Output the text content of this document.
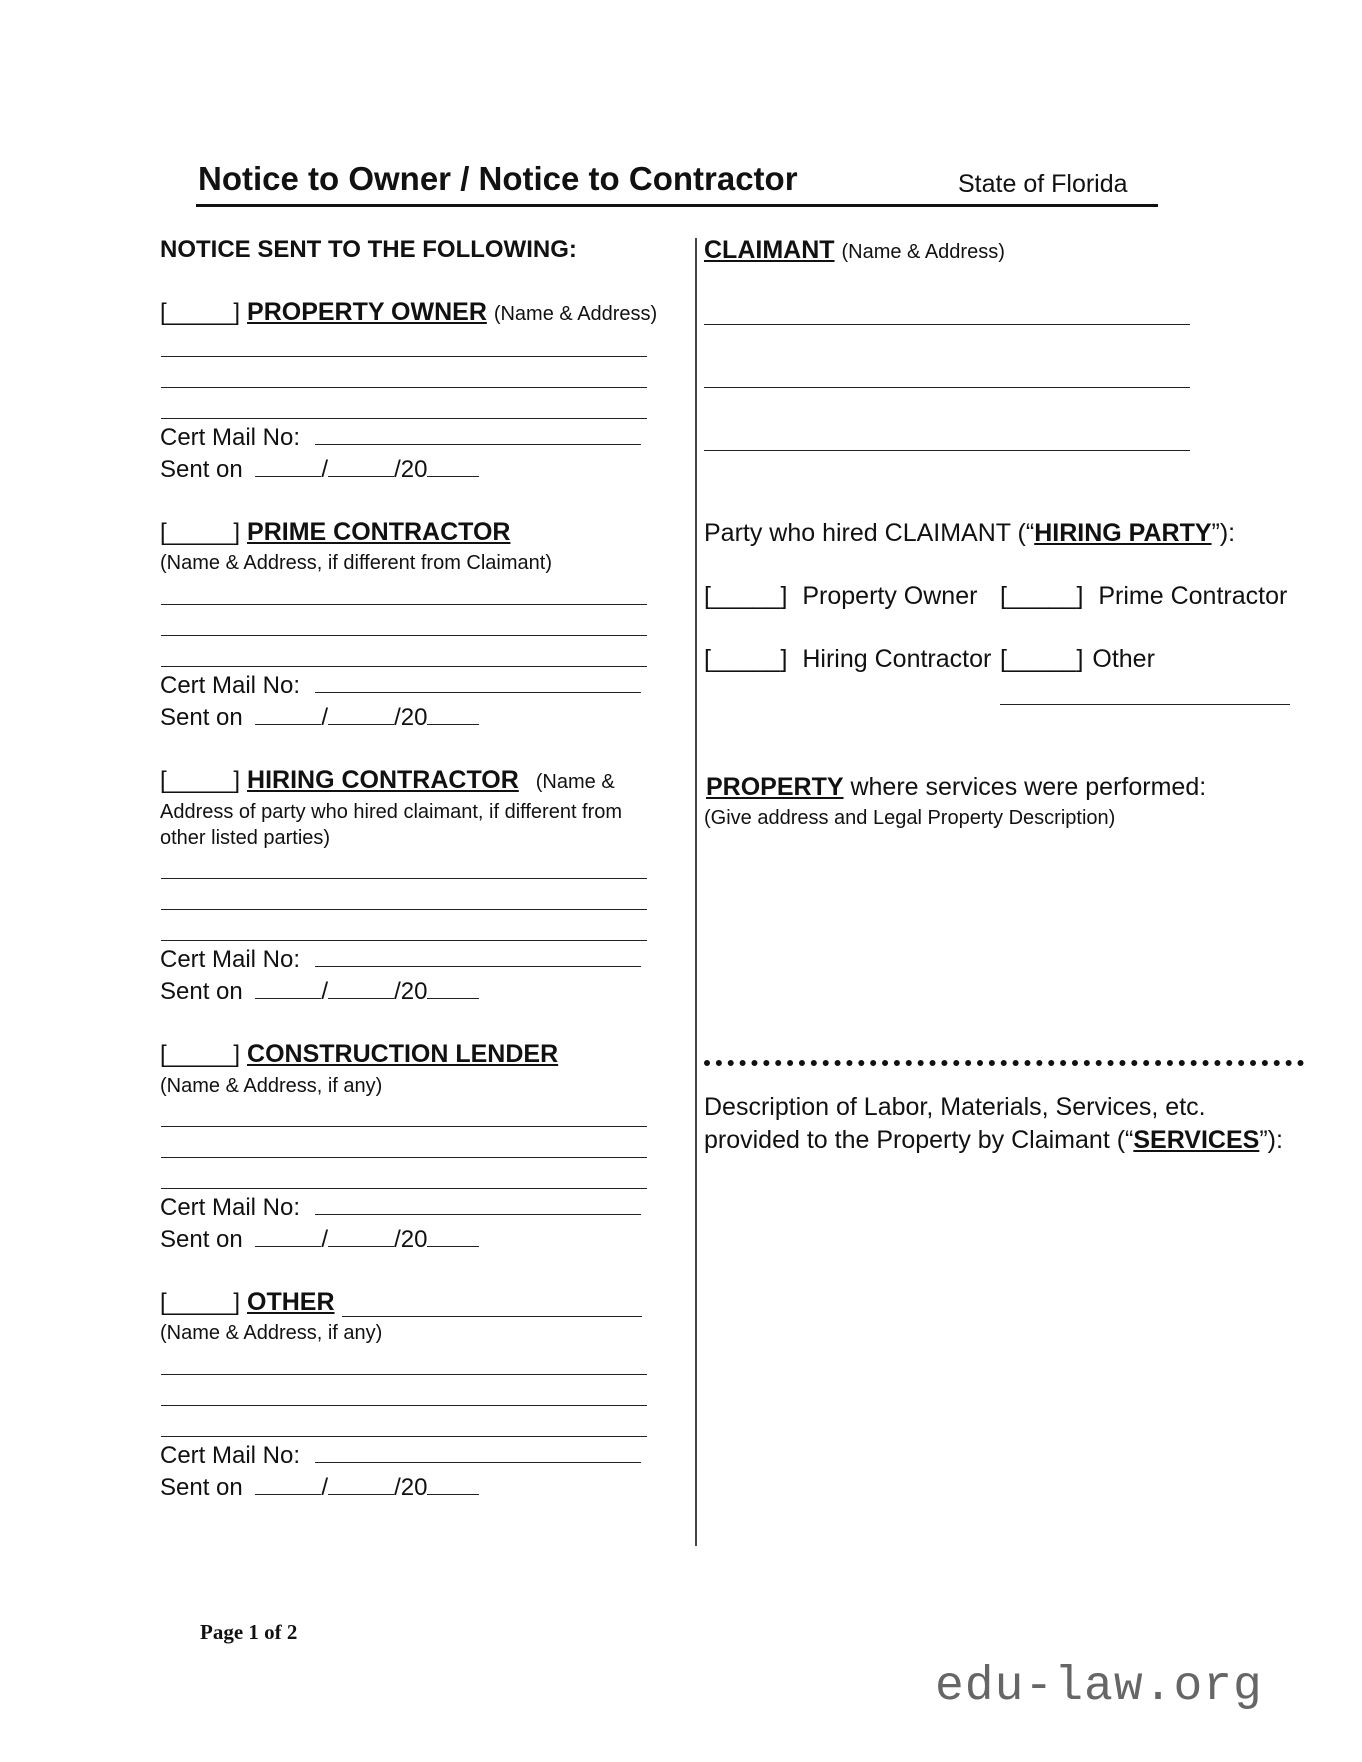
Notice to Owner / Notice to Contractor	State of Florida
NOTICE SENT TO THE FOLLOWING:
[_____] PROPERTY OWNER (Name & Address)
Cert Mail No:
Sent on	/	/20
[_____] PRIME CONTRACTOR
(Name & Address, if different from Claimant)
Cert Mail No:
Sent on	/	/20
[_____] HIRING CONTRACTOR (Name &
Address of party who hired claimant, if different from
other listed parties)
Cert Mail No:
Sent on	/	/20
[_____] CONSTRUCTION LENDER
(Name & Address, if any)
Cert Mail No:
Sent on	/	/20
[_____] OTHER
(Name & Address, if any)
Cert Mail No:
Sent on	/	/20
CLAIMANT (Name & Address)
Party who hired CLAIMANT (“HIRING PARTY”):
[_____] Property Owner [_____] Prime Contractor
[_____] Hiring Contractor [_____] Other
PROPERTY where services were performed:
(Give address and Legal Property Description)
Description of Labor, Materials, Services, etc.
provided to the Property by Claimant (“SERVICES”):
Page 1 of 2
edu-law.org
